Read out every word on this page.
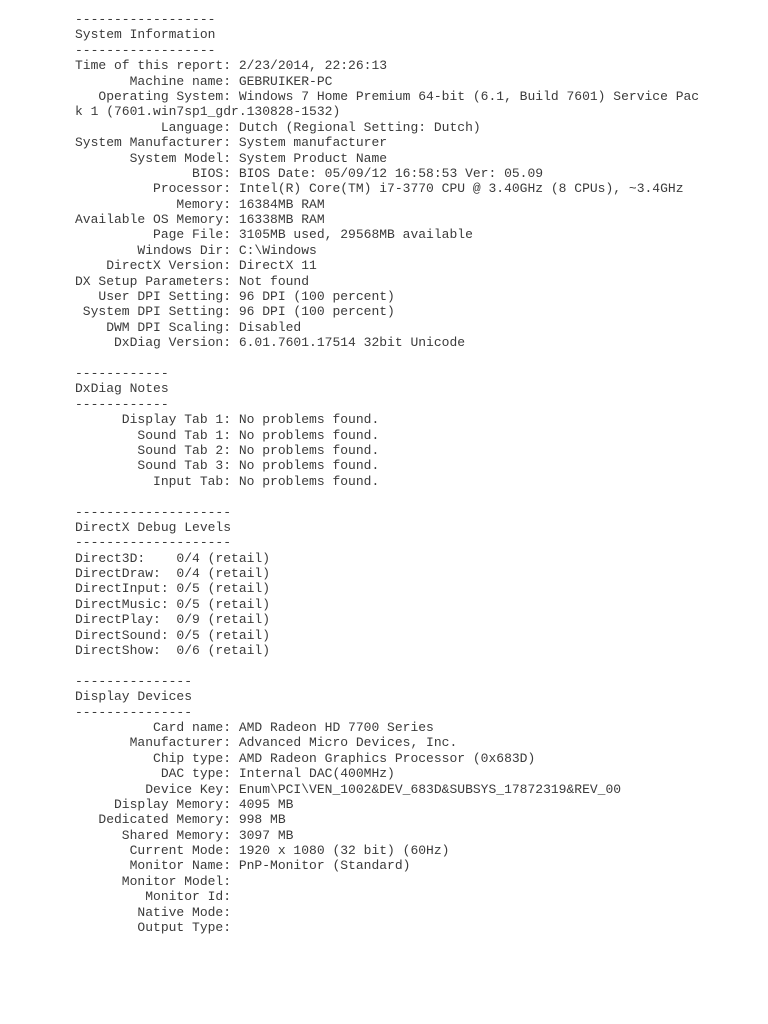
------------------
System Information
------------------
Time of this report: 2/23/2014, 22:26:13
Machine name: GEBRUIKER-PC
Operating System: Windows 7 Home Premium 64-bit (6.1, Build 7601) Service Pac
k 1 (7601.win7sp1_gdr.130828-1532)
Language: Dutch (Regional Setting: Dutch)
System Manufacturer: System manufacturer
System Model: System Product Name
BIOS: BIOS Date: 05/09/12 16:58:53 Ver: 05.09
Processor: Intel(R) Core(TM) i7-3770 CPU @ 3.40GHz (8 CPUs), ~3.4GHz
Memory: 16384MB RAM
Available OS Memory: 16338MB RAM
Page File: 3105MB used, 29568MB available
Windows Dir: C:\Windows
DirectX Version: DirectX 11
DX Setup Parameters: Not found
User DPI Setting: 96 DPI (100 percent)
System DPI Setting: 96 DPI (100 percent)
DWM DPI Scaling: Disabled
DxDiag Version: 6.01.7601.17514 32bit Unicode
------------
DxDiag Notes
------------
Display Tab 1: No problems found.
Sound Tab 1: No problems found.
Sound Tab 2: No problems found.
Sound Tab 3: No problems found.
Input Tab: No problems found.
--------------------
DirectX Debug Levels
--------------------
Direct3D:    0/4 (retail)
DirectDraw:  0/4 (retail)
DirectInput: 0/5 (retail)
DirectMusic: 0/5 (retail)
DirectPlay:  0/9 (retail)
DirectSound: 0/5 (retail)
DirectShow:  0/6 (retail)
---------------
Display Devices
---------------
Card name: AMD Radeon HD 7700 Series
Manufacturer: Advanced Micro Devices, Inc.
Chip type: AMD Radeon Graphics Processor (0x683D)
DAC type: Internal DAC(400MHz)
Device Key: Enum\PCI\VEN_1002&DEV_683D&SUBSYS_17872319&REV_00
Display Memory: 4095 MB
Dedicated Memory: 998 MB
Shared Memory: 3097 MB
Current Mode: 1920 x 1080 (32 bit) (60Hz)
Monitor Name: PnP-Monitor (Standard)
Monitor Model:
Monitor Id:
Native Mode:
Output Type:
